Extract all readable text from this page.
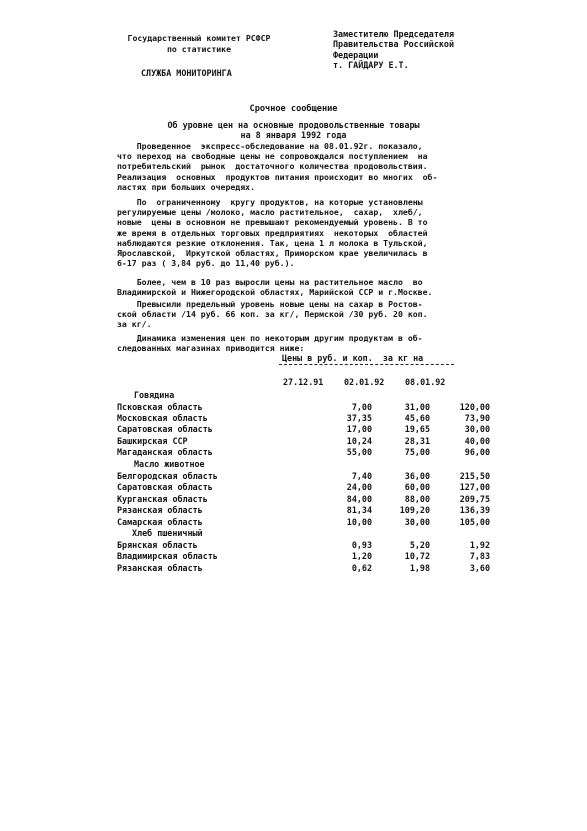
Государственный комитет РСФСР
по статистике
СЛУЖБА МОНИТОРИНГА
Заместителю Председателя
Правительства Российской
Федерации
т. ГАЙДАРУ Е.Т.
Срочное сообщение
Об уровне цен на основные продовольственные товары
на 8 января 1992 года
Проведенное  экспресс-обследование на 08.01.92г. показало,
что переход на свободные цены не сопровождался поступлением  на
потребительский  рынок  достаточного количества продовольствия.
Реализация  основных  продуктов питания происходит во многих  об-
ластях при больших очередях.
По  ограниченному  кругу продуктов, на которые установлены
регулируемые цены /молоко, масло растительное,  сахар,  хлеб/,
новые  цены в основном не превышают рекомендуемый уровень. В то
же время в отдельных торговых предприятиях  некоторых  областей
наблюдаются резкие отклонения. Так, цена 1 л молока в Тульской,
Ярославской,  Иркутской областях, Приморском крае увеличилась в
6-17 раз ( 3,84 руб. до 11,40 руб.).
Более, чем в 10 раз выросли цены на растительное масло  во
Владимирской и Нижегородской областях, Марийской ССР и г.Москве.
Превысили предельный уровень новые цены на сахар в Ростов-
ской области /14 руб. 66 коп. за кг/, Пермской /30 руб. 20 коп.
за кг/.
Динамика изменения цен по некоторым другим продуктам в об-
следованных магазинах приводится ниже:
Цены в руб. и коп.  за кг на
27.12.91 02.01.92 08.01.92
Говядина
Псковская область	7,00	31,00	120,00
Московская область	37,35	45,60	73,90
Саратовская область	17,00	19,65	30,00
Башкирская ССР	10,24	28,31	40,00
Магаданская область	55,00	75,00	96,00
Масло животное
Белгородская область	7,40	36,00	215,50
Саратовская область	24,00	60,00	127,00
Курганская область	84,00	88,00	209,75
Рязанская область	81,34	109,20	136,39
Самарская область	10,00	30,00	105,00
Хлеб пшеничный
Брянская область	0,93	5,20	1,92
Владимирская область	1,20	10,72	7,83
Рязанская область	0,62	1,98	3,60
